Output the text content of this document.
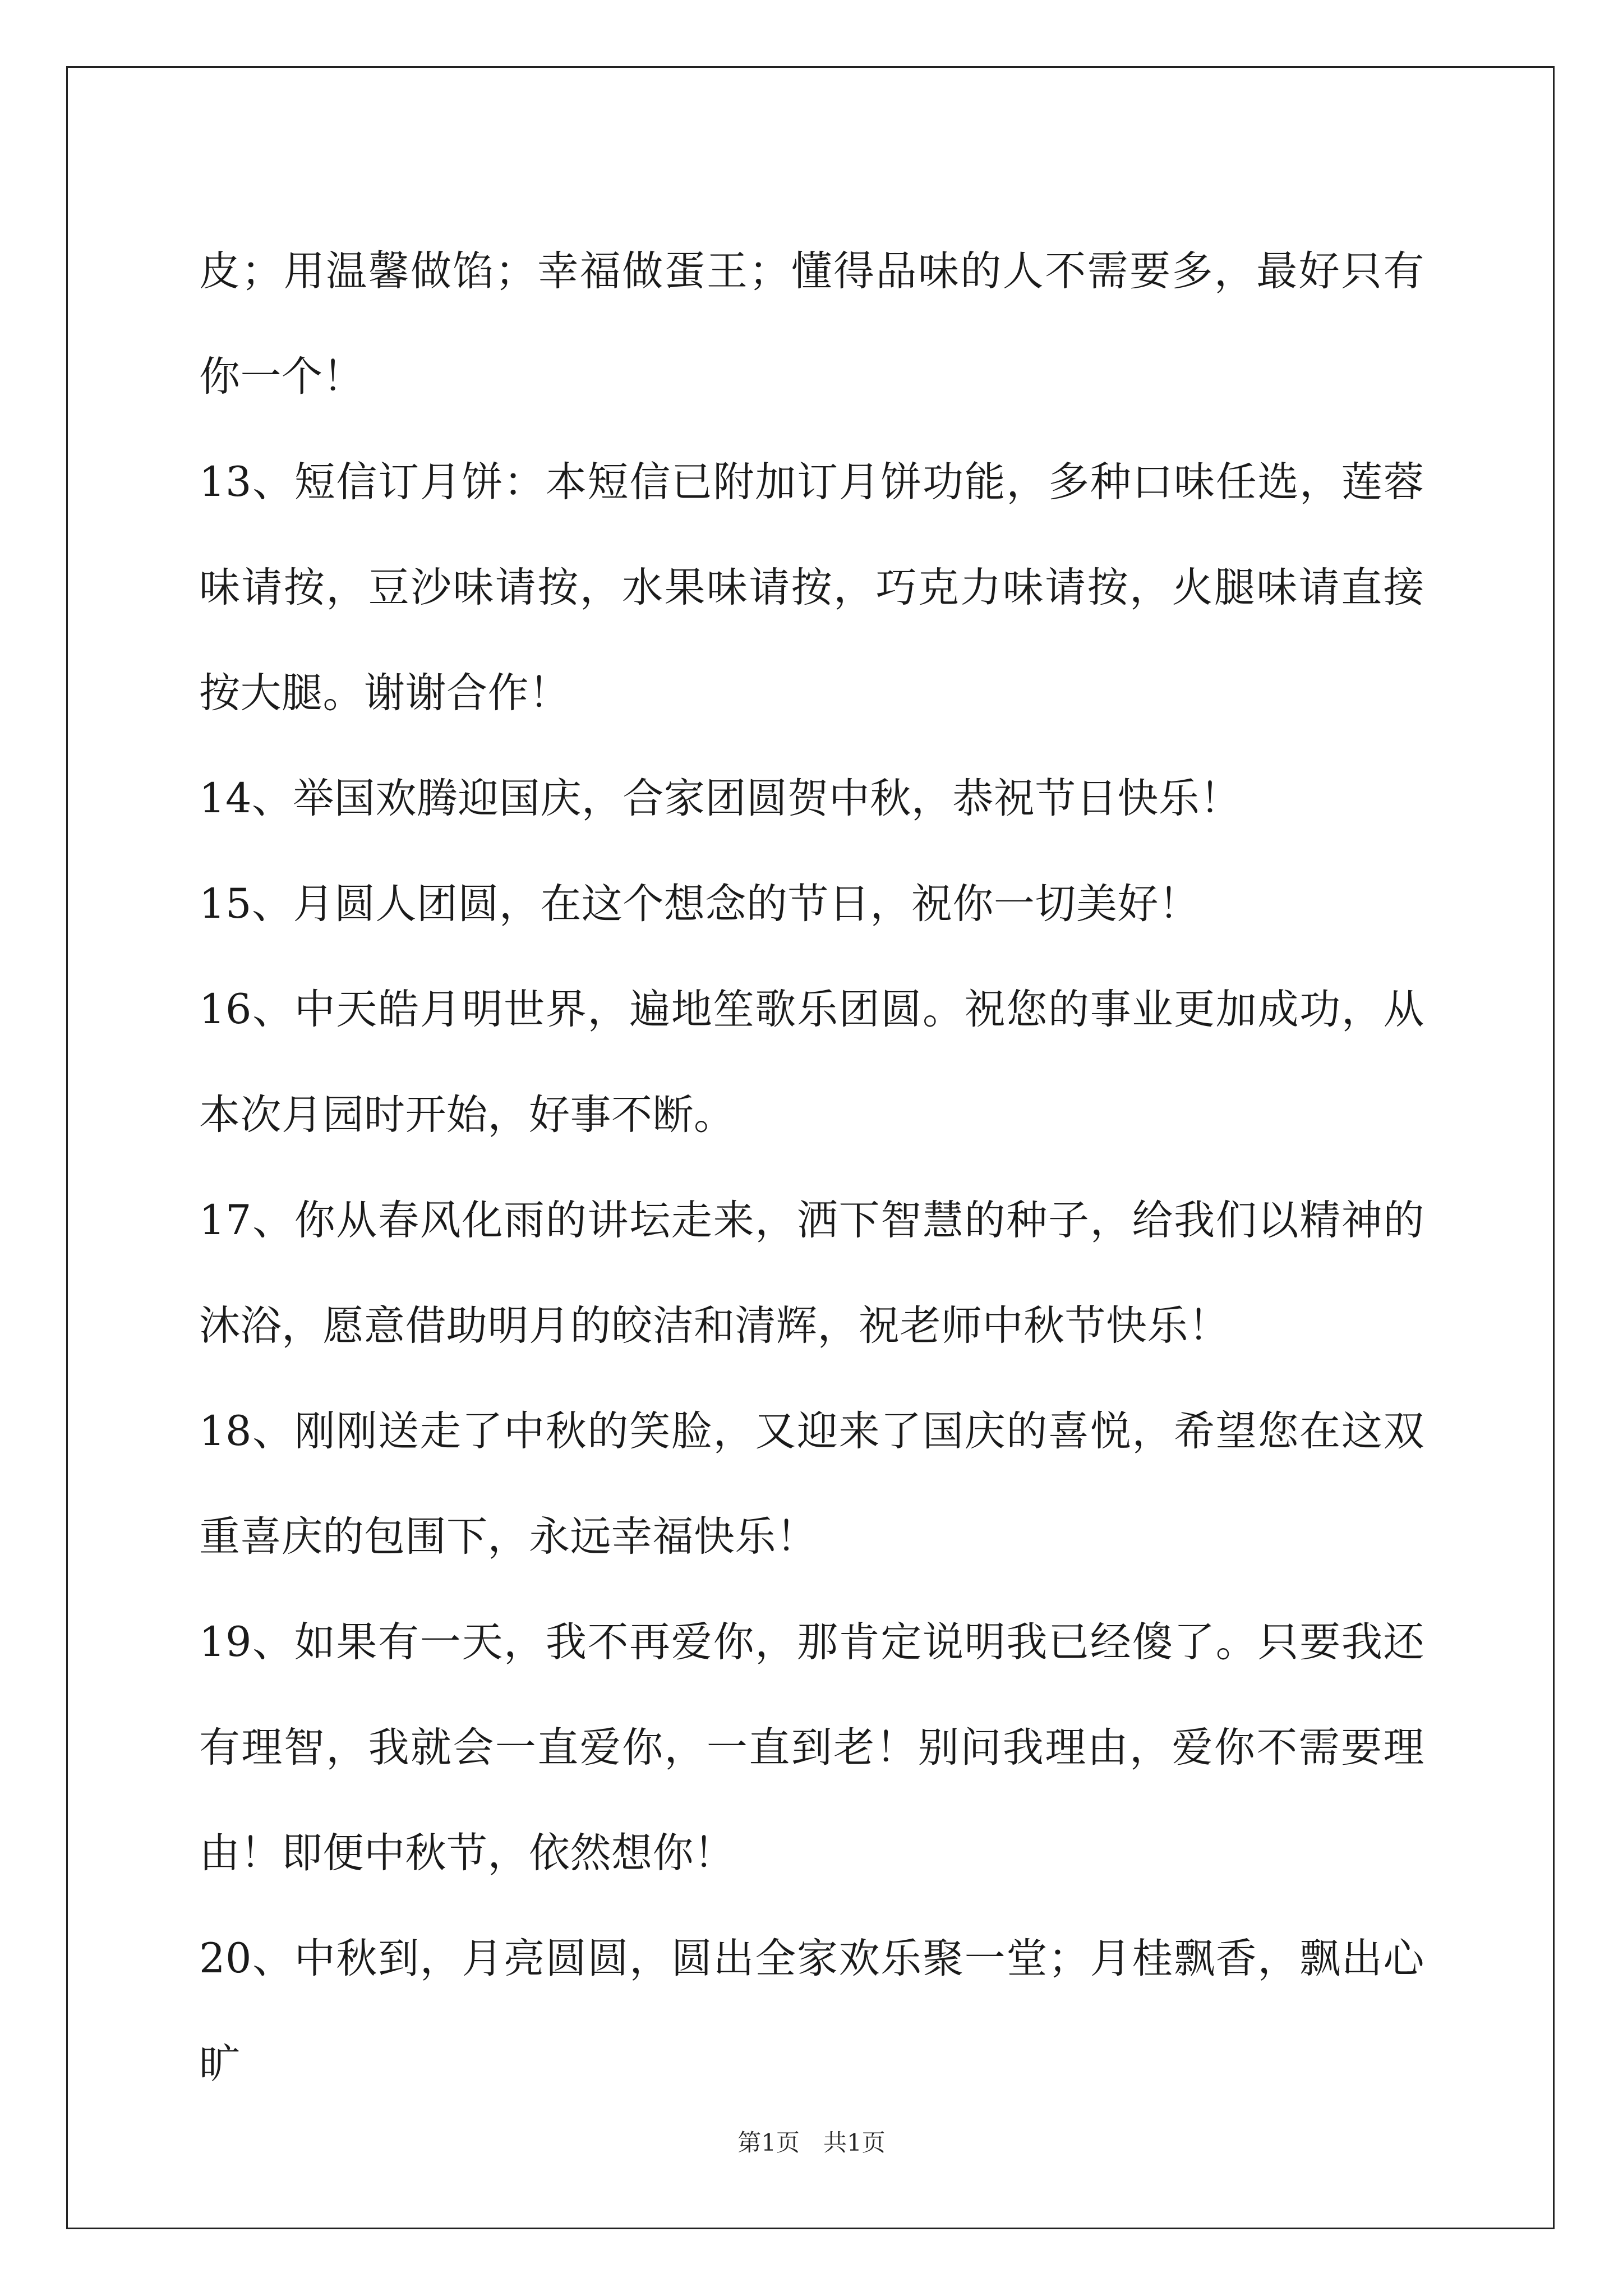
皮；用温馨做馅；幸福做蛋王；懂得品味的人不需要多，最好只有你一个！

13、短信订月饼：本短信已附加订月饼功能，多种口味任选，莲蓉味请按，豆沙味请按，水果味请按，巧克力味请按，火腿味请直接按大腿。谢谢合作！

14、举国欢腾迎国庆，合家团圆贺中秋，恭祝节日快乐！

15、月圆人团圆，在这个想念的节日，祝你一切美好！

16、中天皓月明世界，遍地笙歌乐团圆。祝您的事业更加成功，从本次月园时开始，好事不断。

17、你从春风化雨的讲坛走来，洒下智慧的种子，给我们以精神的沐浴，愿意借助明月的皎洁和清辉，祝老师中秋节快乐！

18、刚刚送走了中秋的笑脸，又迎来了国庆的喜悦，希望您在这双重喜庆的包围下，永远幸福快乐！

19、如果有一天，我不再爱你，那肯定说明我已经傻了。只要我还有理智，我就会一直爱你，一直到老！别问我理由，爱你不需要理由！即便中秋节，依然想你！

20、中秋到，月亮圆圆，圆出全家欢乐聚一堂；月桂飘香，飘出心旷

第1页 共1页
